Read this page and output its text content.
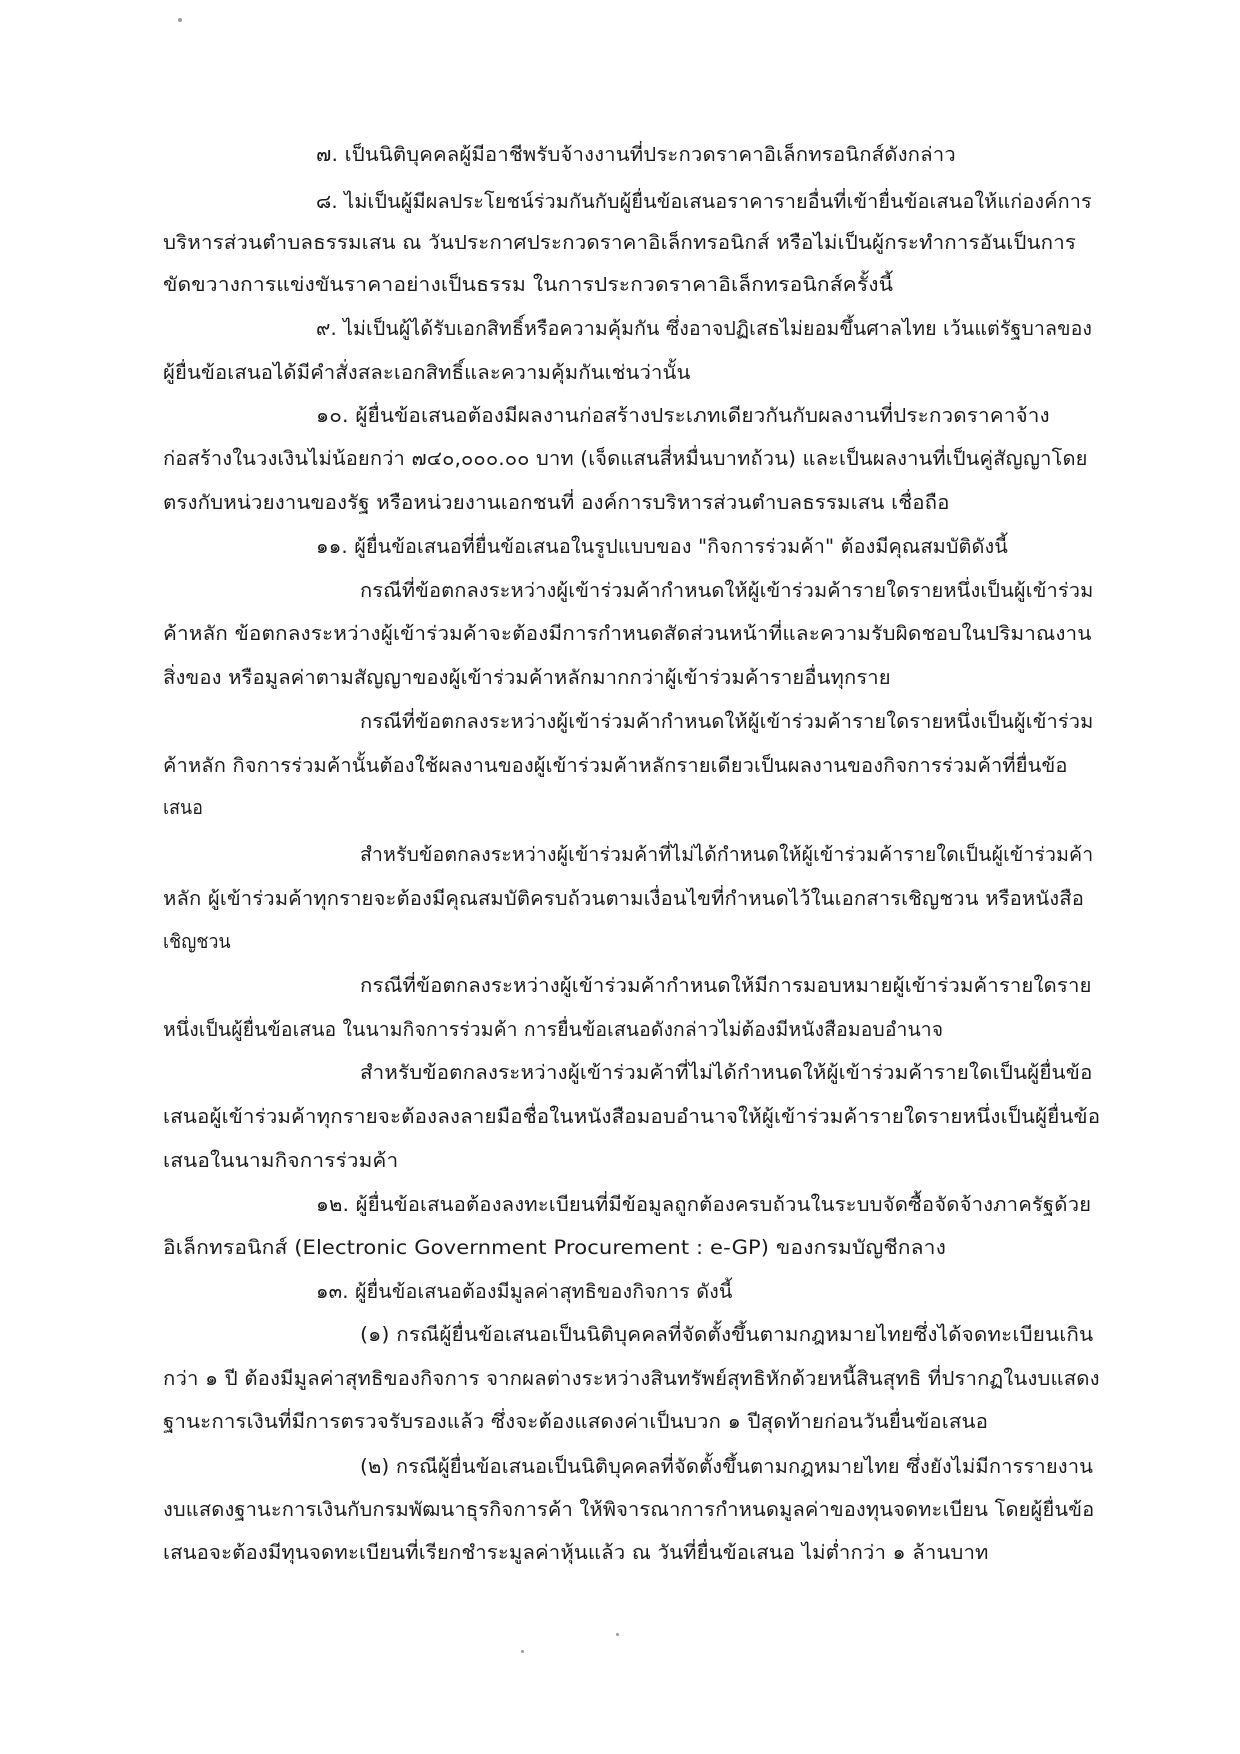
๗. เป็นนิติบุคคลผู้มีอาชีพรับจ้างงานที่ประกวดราคาอิเล็กทรอนิกส์ดังกล่าว
๘. ไม่เป็นผู้มีผลประโยชน์ร่วมกันกับผู้ยื่นข้อเสนอราคารายอื่นที่เข้ายื่นข้อเสนอให้แก่องค์การ
บริหารส่วนตำบลธรรมเสน ณ วันประกาศประกวดราคาอิเล็กทรอนิกส์ หรือไม่เป็นผู้กระทำการอันเป็นการ
ขัดขวางการแข่งขันราคาอย่างเป็นธรรม ในการประกวดราคาอิเล็กทรอนิกส์ครั้งนี้
๙. ไม่เป็นผู้ได้รับเอกสิทธิ์หรือความคุ้มกัน ซึ่งอาจปฏิเสธไม่ยอมขึ้นศาลไทย เว้นแต่รัฐบาลของ
ผู้ยื่นข้อเสนอได้มีคำสั่งสละเอกสิทธิ์และความคุ้มกันเช่นว่านั้น
๑๐. ผู้ยื่นข้อเสนอต้องมีผลงานก่อสร้างประเภทเดียวกันกับผลงานที่ประกวดราคาจ้าง
ก่อสร้างในวงเงินไม่น้อยกว่า ๗๔๐,๐๐๐.๐๐ บาท (เจ็ดแสนสี่หมื่นบาทถ้วน) และเป็นผลงานที่เป็นคู่สัญญาโดย
ตรงกับหน่วยงานของรัฐ หรือหน่วยงานเอกชนที่ องค์การบริหารส่วนตำบลธรรมเสน เชื่อถือ
๑๑. ผู้ยื่นข้อเสนอที่ยื่นข้อเสนอในรูปแบบของ "กิจการร่วมค้า" ต้องมีคุณสมบัติดังนี้
กรณีที่ข้อตกลงระหว่างผู้เข้าร่วมค้ากำหนดให้ผู้เข้าร่วมค้ารายใดรายหนึ่งเป็นผู้เข้าร่วม
ค้าหลัก ข้อตกลงระหว่างผู้เข้าร่วมค้าจะต้องมีการกำหนดสัดส่วนหน้าที่และความรับผิดชอบในปริมาณงาน
สิ่งของ หรือมูลค่าตามสัญญาของผู้เข้าร่วมค้าหลักมากกว่าผู้เข้าร่วมค้ารายอื่นทุกราย
กรณีที่ข้อตกลงระหว่างผู้เข้าร่วมค้ากำหนดให้ผู้เข้าร่วมค้ารายใดรายหนึ่งเป็นผู้เข้าร่วม
ค้าหลัก กิจการร่วมค้านั้นต้องใช้ผลงานของผู้เข้าร่วมค้าหลักรายเดียวเป็นผลงานของกิจการร่วมค้าที่ยื่นข้อ
เสนอ
สำหรับข้อตกลงระหว่างผู้เข้าร่วมค้าที่ไม่ได้กำหนดให้ผู้เข้าร่วมค้ารายใดเป็นผู้เข้าร่วมค้า
หลัก ผู้เข้าร่วมค้าทุกรายจะต้องมีคุณสมบัติครบถ้วนตามเงื่อนไขที่กำหนดไว้ในเอกสารเชิญชวน หรือหนังสือ
เชิญชวน
กรณีที่ข้อตกลงระหว่างผู้เข้าร่วมค้ากำหนดให้มีการมอบหมายผู้เข้าร่วมค้ารายใดราย
หนึ่งเป็นผู้ยื่นข้อเสนอ ในนามกิจการร่วมค้า การยื่นข้อเสนอดังกล่าวไม่ต้องมีหนังสือมอบอำนาจ
สำหรับข้อตกลงระหว่างผู้เข้าร่วมค้าที่ไม่ได้กำหนดให้ผู้เข้าร่วมค้ารายใดเป็นผู้ยื่นข้อ
เสนอผู้เข้าร่วมค้าทุกรายจะต้องลงลายมือชื่อในหนังสือมอบอำนาจให้ผู้เข้าร่วมค้ารายใดรายหนึ่งเป็นผู้ยื่นข้อ
เสนอในนามกิจการร่วมค้า
๑๒. ผู้ยื่นข้อเสนอต้องลงทะเบียนที่มีข้อมูลถูกต้องครบถ้วนในระบบจัดซื้อจัดจ้างภาครัฐด้วย
อิเล็กทรอนิกส์ (Electronic Government Procurement : e-GP) ของกรมบัญชีกลาง
๑๓. ผู้ยื่นข้อเสนอต้องมีมูลค่าสุทธิของกิจการ ดังนี้
(๑) กรณีผู้ยื่นข้อเสนอเป็นนิติบุคคลที่จัดตั้งขึ้นตามกฎหมายไทยซึ่งได้จดทะเบียนเกิน
กว่า ๑ ปี ต้องมีมูลค่าสุทธิของกิจการ จากผลต่างระหว่างสินทรัพย์สุทธิหักด้วยหนี้สินสุทธิ ที่ปรากฏในงบแสดง
ฐานะการเงินที่มีการตรวจรับรองแล้ว ซึ่งจะต้องแสดงค่าเป็นบวก ๑ ปีสุดท้ายก่อนวันยื่นข้อเสนอ
(๒) กรณีผู้ยื่นข้อเสนอเป็นนิติบุคคลที่จัดตั้งขึ้นตามกฎหมายไทย ซึ่งยังไม่มีการรายงาน
งบแสดงฐานะการเงินกับกรมพัฒนาธุรกิจการค้า ให้พิจารณาการกำหนดมูลค่าของทุนจดทะเบียน โดยผู้ยื่นข้อ
เสนอจะต้องมีทุนจดทะเบียนที่เรียกชำระมูลค่าหุ้นแล้ว ณ วันที่ยื่นข้อเสนอ ไม่ต่ำกว่า ๑ ล้านบาท
